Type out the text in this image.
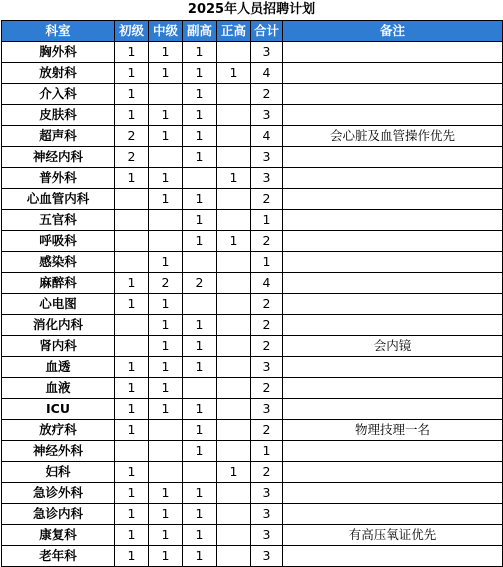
2025年人员招聘计划
科室	初级	中级	副高	正高	合计	备注
胸外科	1	1	1		3	
放射科	1	1	1	1	4	
介入科	1		1		2	
皮肤科	1	1	1		3	
超声科	2	1	1		4	会心脏及血管操作优先
神经内科	2		1		3	
普外科	1	1		1	3	
心血管内科		1	1		2	
五官科			1		1	
呼吸科			1	1	2	
感染科		1			1	
麻醉科	1	2	2		4	
心电图	1	1			2	
消化内科		1	1		2	
肾内科		1	1		2	会内镜
血透	1	1	1		3	
血液	1	1			2	
ICU	1	1	1		3	
放疗科	1		1		2	物理技理一名
神经外科			1		1	
妇科	1			1	2	
急诊外科	1	1	1		3	
急诊内科	1	1	1		3	
康复科	1	1	1		3	有高压氧证优先
老年科	1	1	1		3	
